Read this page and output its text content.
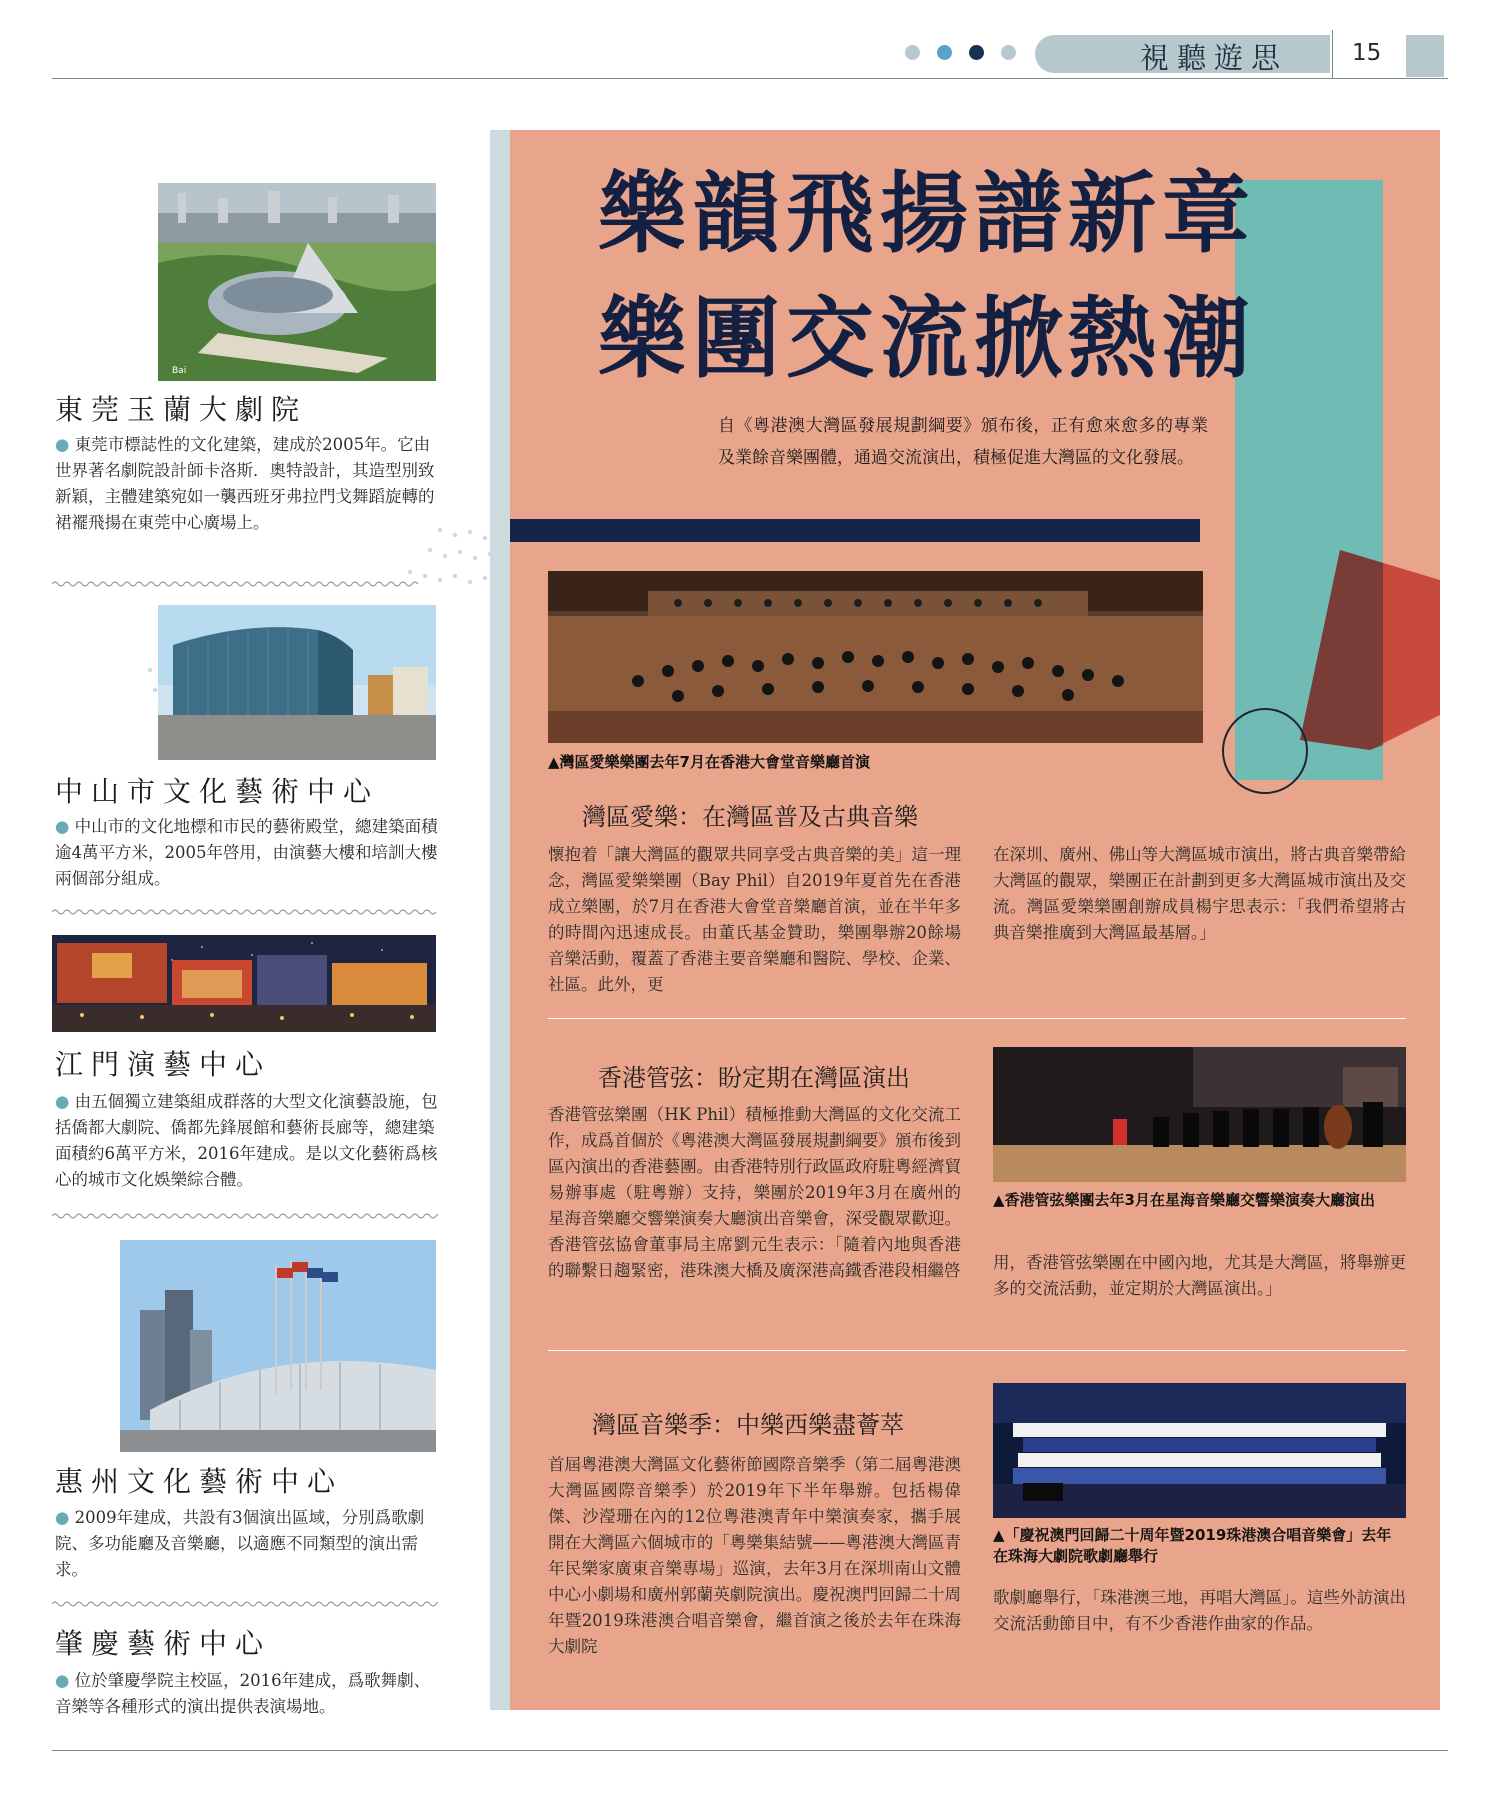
視聽遊思	15
Bai
東莞玉蘭大劇院
● 東莞市標誌性的文化建築，建成於2005年。它由世界著名劇院設計師卡洛斯．奧特設計，其造型別致新穎，主體建築宛如一襲西班牙弗拉門戈舞蹈旋轉的裙襬飛揚在東莞中心廣場上。
中山市文化藝術中心
● 中山市的文化地標和市民的藝術殿堂，總建築面積逾4萬平方米，2005年啓用，由演藝大樓和培訓大樓兩個部分組成。
江門演藝中心
● 由五個獨立建築組成群落的大型文化演藝設施，包括僑都大劇院、僑都先鋒展館和藝術長廊等，總建築面積約6萬平方米，2016年建成。是以文化藝術爲核心的城市文化娛樂綜合體。
惠州文化藝術中心
● 2009年建成，共設有3個演出區域，分別爲歌劇院、多功能廳及音樂廳，以適應不同類型的演出需求。
肇慶藝術中心
● 位於肇慶學院主校區，2016年建成，爲歌舞劇、音樂等各種形式的演出提供表演場地。
樂韻飛揚譜新章
樂團交流掀熱潮
自《粵港澳大灣區發展規劃綱要》頒布後，正有愈來愈多的專業及業餘音樂團體，通過交流演出，積極促進大灣區的文化發展。
▲灣區愛樂樂團去年7月在香港大會堂音樂廳首演
灣區愛樂：在灣區普及古典音樂
懷抱着「讓大灣區的觀眾共同享受古典音樂的美」這一理念，灣區愛樂樂團（Bay Phil）自2019年夏首先在香港成立樂團，於7月在香港大會堂音樂廳首演，並在半年多的時間內迅速成長。由董氏基金贊助，樂團舉辦20餘場音樂活動，覆蓋了香港主要音樂廳和醫院、學校、企業、社區。此外，更
在深圳、廣州、佛山等大灣區城市演出，將古典音樂帶給大灣區的觀眾，樂團正在計劃到更多大灣區城市演出及交流。灣區愛樂樂團創辦成員楊宇思表示：「我們希望將古典音樂推廣到大灣區最基層。」
香港管弦：盼定期在灣區演出
香港管弦樂團（HK Phil）積極推動大灣區的文化交流工作，成爲首個於《粵港澳大灣區發展規劃綱要》頒布後到區內演出的香港藝團。由香港特別行政區政府駐粵經濟貿易辦事處（駐粵辦）支持，樂團於2019年3月在廣州的星海音樂廳交響樂演奏大廳演出音樂會，深受觀眾歡迎。香港管弦協會董事局主席劉元生表示：「隨着內地與香港的聯繫日趨緊密，港珠澳大橋及廣深港高鐵香港段相繼啓
▲香港管弦樂團去年3月在星海音樂廳交響樂演奏大廳演出
用，香港管弦樂團在中國內地，尤其是大灣區，將舉辦更多的交流活動，並定期於大灣區演出。」
灣區音樂季：中樂西樂盡薈萃
首屆粵港澳大灣區文化藝術節國際音樂季（第二屆粵港澳大灣區國際音樂季）於2019年下半年舉辦。包括楊偉傑、沙瀅珊在內的12位粵港澳青年中樂演奏家，攜手展開在大灣區六個城市的「粵樂集結號——粵港澳大灣區青年民樂家廣東音樂專場」巡演，去年3月在深圳南山文體中心小劇場和廣州郭蘭英劇院演出。慶祝澳門回歸二十周年暨2019珠港澳合唱音樂會，繼首演之後於去年在珠海大劇院
▲「慶祝澳門回歸二十周年暨2019珠港澳合唱音樂會」去年在珠海大劇院歌劇廳舉行
歌劇廳舉行，「珠港澳三地，再唱大灣區」。這些外訪演出交流活動節目中，有不少香港作曲家的作品。
